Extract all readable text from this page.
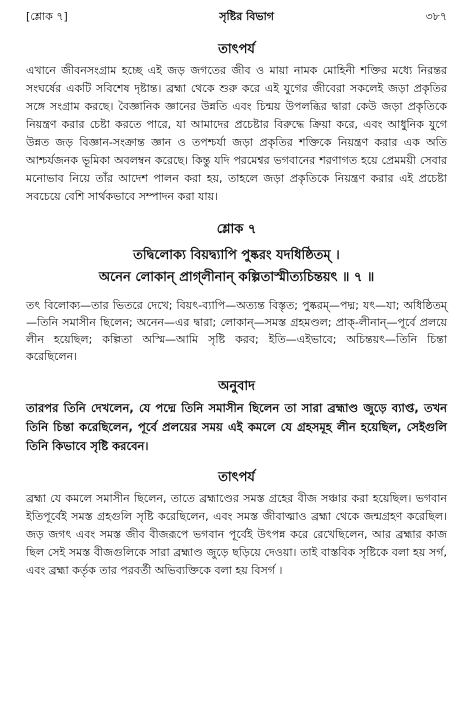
[শ্লোক ৭]	সৃষ্টির বিভাগ	৩৮৭
তাৎপর্য

এখানে জীবনসংগ্রাম হচ্ছে এই জড় জগতের জীব ও মায়া নামক মোহিনী শক্তির মধ্যে নিরন্তর সংঘর্ষের একটি সবিশেষ দৃষ্টান্ত। ব্রহ্মা থেকে শুরু করে এই যুগের জীবেরা সকলেই জড়া প্রকৃতির সঙ্গে সংগ্রাম করছে। বৈজ্ঞানিক জ্ঞানের উন্নতি এবং চিন্ময় উপলব্ধির দ্বারা কেউ জড়া প্রকৃতিকে নিয়ন্ত্রণ করার চেষ্টা করতে পারে, যা আমাদের প্রচেষ্টার বিরুদ্ধে ক্রিয়া করে, এবং আধুনিক যুগে উন্নত জড় বিজ্ঞান-সংক্রান্ত জ্ঞান ও তপশ্চর্যা জড়া প্রকৃতির শক্তিকে নিয়ন্ত্রণ করার এক অতি আশ্চর্যজনক ভূমিকা অবলম্বন করেছে। কিন্তু যদি পরমেশ্বর ভগবানের শরণাগত হয়ে প্রেমময়ী সেবার মনোভাব নিয়ে তাঁর আদেশ পালন করা হয়, তাহলে জড়া প্রকৃতিকে নিয়ন্ত্রণ করার এই প্রচেষ্টা সবচেয়ে বেশি সার্থকভাবে সম্পাদন করা যায়।

শ্লোক ৭
তদ্বিলোক্য বিয়দ্ব্যাপি পুষ্করং যদধিষ্ঠিতম্ ।
অনেন লোকান্ প্রাগ্‌লীনান্ কল্পিতাস্মীত্যচিন্তয়ৎ ॥ ৭ ॥

তৎ বিলোক্য—তার ভিতরে দেখে; বিয়ৎ-ব্যাপি—অত্যন্ত বিস্তৃত; পুষ্করম্—পদ্ম; যৎ—যা; অধিষ্ঠিতম্—তিনি সমাসীন ছিলেন; অনেন—এর দ্বারা; লোকান্—সমস্ত গ্রহমণ্ডল; প্রাক্-লীনান্—পূর্বে প্রলয়ে লীন হয়েছিল; কল্পিতা অস্মি—আমি সৃষ্টি করব; ইতি—এইভাবে; অচিন্তয়ৎ—তিনি চিন্তা করেছিলেন।

অনুবাদ

তারপর তিনি দেখলেন, যে পদ্মে তিনি সমাসীন ছিলেন তা সারা ব্রহ্মাণ্ড জুড়ে ব্যাপ্ত, তখন তিনি চিন্তা করেছিলেন, পূর্বে প্রলয়ের সময় এই কমলে যে গ্রহসমূহ লীন হয়েছিল, সেইগুলি তিনি কিভাবে সৃষ্টি করবেন।

তাৎপর্য

ব্রহ্মা যে কমলে সমাসীন ছিলেন, তাতে ব্রহ্মাণ্ডের সমস্ত গ্রহের বীজ সঞ্চার করা হয়েছিল। ভগবান ইতিপূর্বেই সমস্ত গ্রহগুলি সৃষ্টি করেছিলেন, এবং সমস্ত জীবাত্মাও ব্রহ্মা থেকে জন্মগ্রহণ করেছিল। জড় জগৎ এবং সমস্ত জীব বীজরূপে ভগবান পূর্বেই উৎপন্ন করে রেখেছিলেন, আর ব্রহ্মার কাজ ছিল সেই সমস্ত বীজগুলিকে সারা ব্রহ্মাণ্ড জুড়ে ছড়িয়ে দেওয়া। তাই বাস্তবিক সৃষ্টিকে বলা হয় সর্গ, এবং ব্রহ্মা কর্তৃক তার পরবর্তী অভিব্যক্তিকে বলা হয় বিসর্গ ।
